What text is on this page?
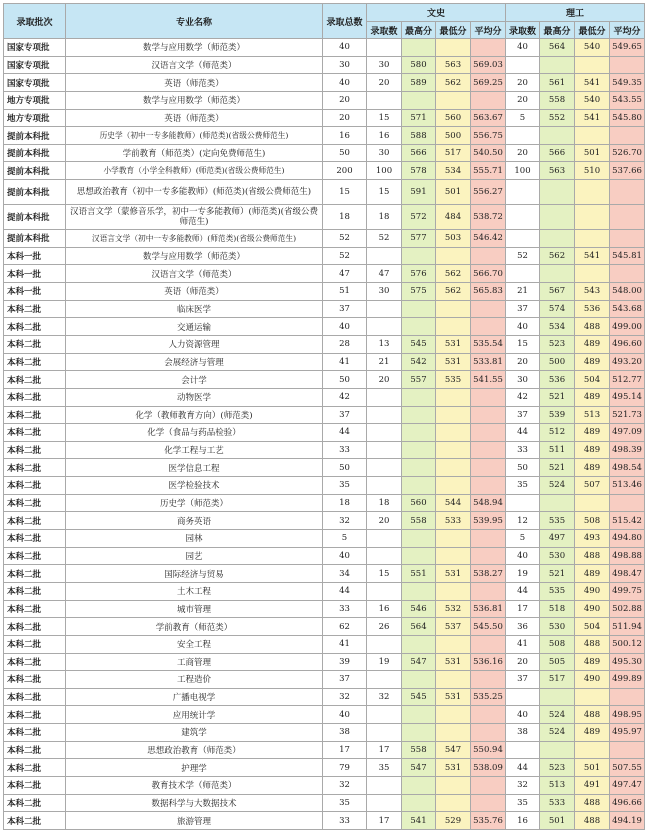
录取批次	专业名称	录取总数	文史				理工			
			录取数	最高分	最低分	平均分	录取数	最高分	最低分	平均分
国家专项批	数学与应用数学（师范类）	40					40	564	540	549.65
国家专项批	汉语言文学（师范类）	30	30	580	563	569.03				
国家专项批	英语（师范类）	40	20	589	562	569.25	20	561	541	549.35
地方专项批	数学与应用数学（师范类）	20					20	558	540	543.55
地方专项批	英语（师范类）	20	15	571	560	563.67	5	552	541	545.80
提前本科批	历史学（初中一专多能教师）(师范类)(省级公费师范生)	16	16	588	500	556.75				
提前本科批	学前教育（师范类）(定向免费师范生)	50	30	566	517	540.50	20	566	501	526.70
提前本科批	小学教育（小学全科教师）(师范类)(省级公费师范生)	200	100	578	534	555.71	100	563	510	537.66
提前本科批	思想政治教育（初中一专多能教师）(师范类)(省级公费师范生)	15	15	591	501	556.27				
提前本科批	汉语言文学（蒙修音乐学，初中一专多能教师）(师范类)(省级公费师范生)	18	18	572	484	538.72				
提前本科批	汉语言文学（初中一专多能教师）(师范类)(省级公费师范生)	52	52	577	503	546.42				
本科一批	数学与应用数学（师范类）	52					52	562	541	545.81
本科一批	汉语言文学（师范类）	47	47	576	562	566.70				
本科一批	英语（师范类）	51	30	575	562	565.83	21	567	543	548.00
本科二批	临床医学	37					37	574	536	543.68
本科二批	交通运输	40					40	534	488	499.00
本科二批	人力资源管理	28	13	545	531	535.54	15	523	489	496.60
本科二批	会展经济与管理	41	21	542	531	533.81	20	500	489	493.20
本科二批	会计学	50	20	557	535	541.55	30	536	504	512.77
本科二批	动物医学	42					42	521	489	495.14
本科二批	化学（教师教育方向）(师范类)	37					37	539	513	521.73
本科二批	化学（食品与药品检验）	44					44	512	489	497.09
本科二批	化学工程与工艺	33					33	511	489	498.39
本科二批	医学信息工程	50					50	521	489	498.54
本科二批	医学检验技术	35					35	524	507	513.46
本科二批	历史学（师范类）	18	18	560	544	548.94				
本科二批	商务英语	32	20	558	533	539.95	12	535	508	515.42
本科二批	园林	5					5	497	493	494.80
本科二批	园艺	40					40	530	488	498.88
本科二批	国际经济与贸易	34	15	551	531	538.27	19	521	489	498.47
本科二批	土木工程	44					44	535	490	499.75
本科二批	城市管理	33	16	546	532	536.81	17	518	490	502.88
本科二批	学前教育（师范类）	62	26	564	537	545.50	36	530	504	511.94
本科二批	安全工程	41					41	508	488	500.12
本科二批	工商管理	39	19	547	531	536.16	20	505	489	495.30
本科二批	工程造价	37					37	517	490	499.89
本科二批	广播电视学	32	32	545	531	535.25				
本科二批	应用统计学	40					40	524	488	498.95
本科二批	建筑学	38					38	524	489	495.97
本科二批	思想政治教育（师范类）	17	17	558	547	550.94				
本科二批	护理学	79	35	547	531	538.09	44	523	501	507.55
本科二批	教育技术学（师范类）	32					32	513	491	497.47
本科二批	数据科学与大数据技术	35					35	533	488	496.66
本科二批	旅游管理	33	17	541	529	535.76	16	501	488	494.19
